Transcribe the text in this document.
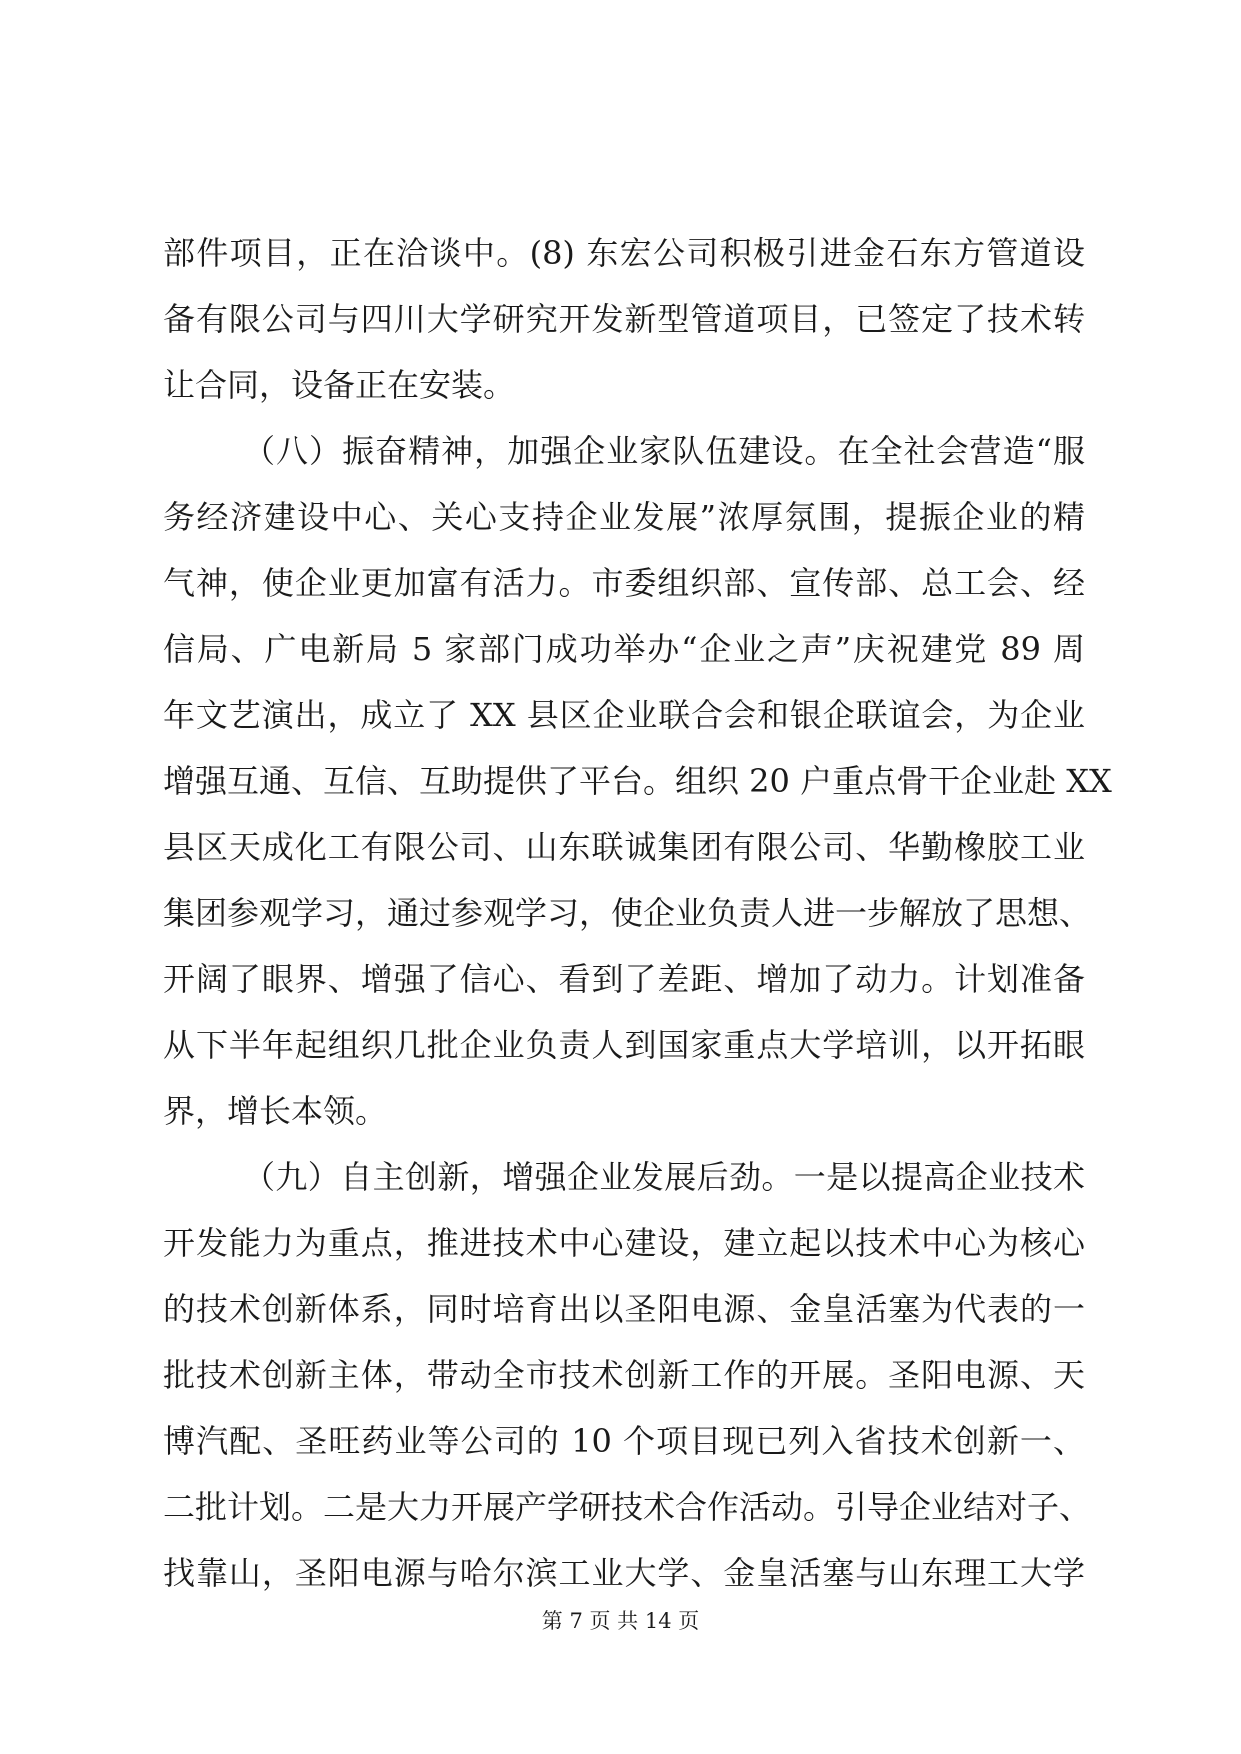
部件项目，正在洽谈中。(8) 东宏公司积极引进金石东方管道设
备有限公司与四川大学研究开发新型管道项目，已签定了技术转
让合同，设备正在安装。
（八）振奋精神，加强企业家队伍建设。在全社会营造“服
务经济建设中心、关心支持企业发展”浓厚氛围，提振企业的精
气神，使企业更加富有活力。市委组织部、宣传部、总工会、经
信局、广电新局 5 家部门成功举办“企业之声”庆祝建党 89 周
年文艺演出，成立了 XX 县区企业联合会和银企联谊会，为企业
增强互通、互信、互助提供了平台。组织 20 户重点骨干企业赴 XX
县区天成化工有限公司、山东联诚集团有限公司、华勤橡胶工业
集团参观学习，通过参观学习，使企业负责人进一步解放了思想、
开阔了眼界、增强了信心、看到了差距、增加了动力。计划准备
从下半年起组织几批企业负责人到国家重点大学培训，以开拓眼
界，增长本领。
（九）自主创新，增强企业发展后劲。一是以提高企业技术
开发能力为重点，推进技术中心建设，建立起以技术中心为核心
的技术创新体系，同时培育出以圣阳电源、金皇活塞为代表的一
批技术创新主体，带动全市技术创新工作的开展。圣阳电源、天
博汽配、圣旺药业等公司的 10 个项目现已列入省技术创新一、
二批计划。二是大力开展产学研技术合作活动。引导企业结对子、
找靠山，圣阳电源与哈尔滨工业大学、金皇活塞与山东理工大学
第 7 页 共 14 页
